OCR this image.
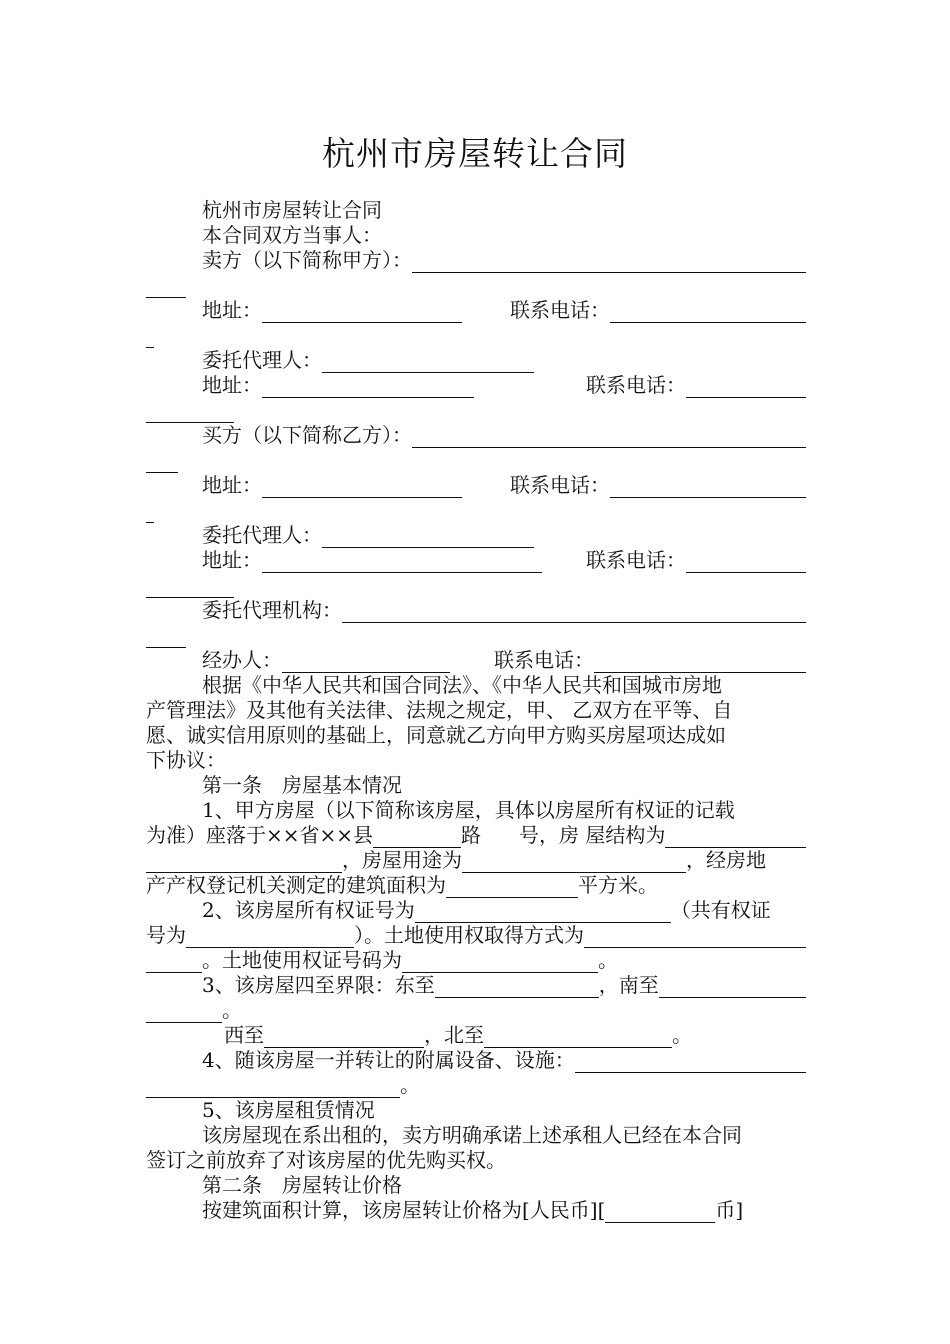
杭州市房屋转让合同
杭州市房屋转让合同
本合同双方当事人：
卖方（以下简称甲方）：
地址：	联系电话：
委托代理人：
地址：	联系电话：
买方（以下简称乙方）：
地址：	联系电话：
委托代理人：
地址：	联系电话：
委托代理机构：
经办人：	联系电话：
根据《中华人民共和国合同法》、《中华人民共和国城市房地
产管理法》及其他有关法律、法规之规定，甲、 乙双方在平等、自
愿、诚实信用原则的基础上，同意就乙方向甲方购买房屋项达成如
下协议：
第一条　房屋基本情况
1、甲方房屋（以下简称该房屋，具体以房屋所有权证的记载
为准）座落于××省××县	路 号，房 屋结构为
，房屋用途为	，经房地
产产权登记机关测定的建筑面积为	平方米。
2、该房屋所有权证号为	（共有权证
号为	）。土地使用权取得方式为
。土地使用权证号码为	。
3、该房屋四至界限：东至	，南至
。
西至	，北至	。
4、随该房屋一并转让的附属设备、设施：
。
5、该房屋租赁情况
该房屋现在系出租的，卖方明确承诺上述承租人已经在本合同
签订之前放弃了对该房屋的优先购买权。
第二条　房屋转让价格
按建筑面积计算，该房屋转让价格为[人民币][	币]
